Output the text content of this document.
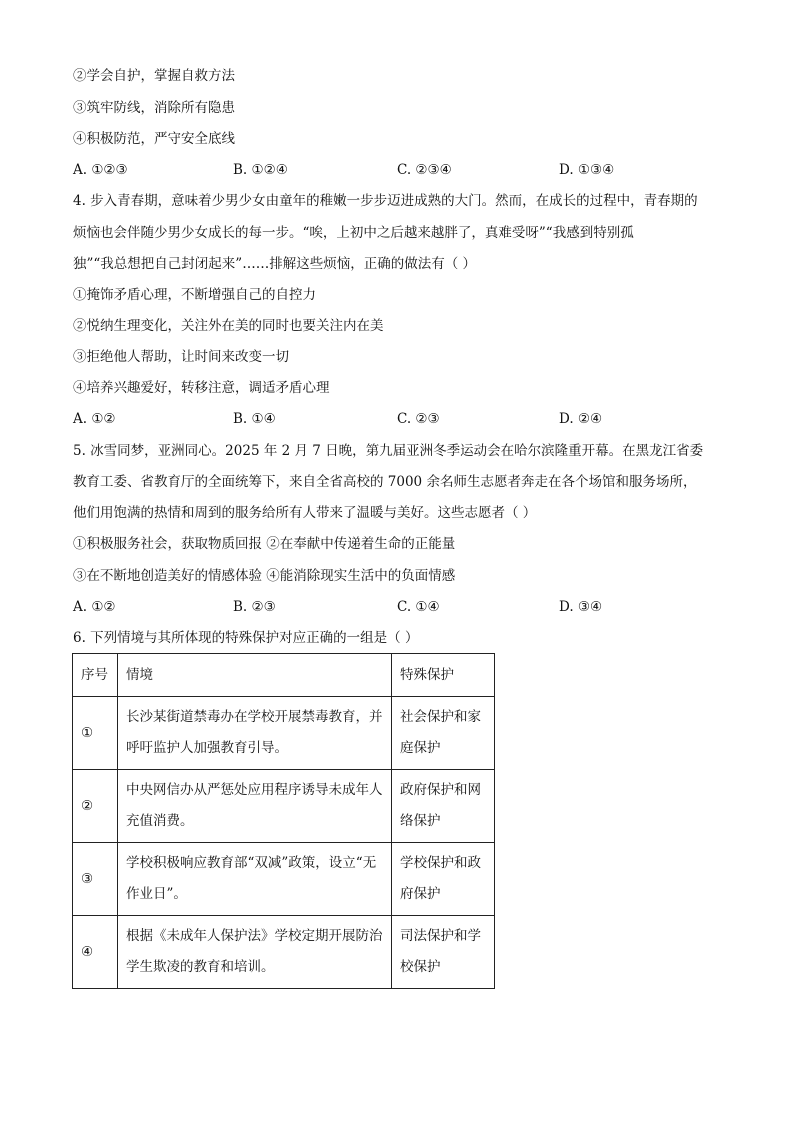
②学会自护，掌握自救方法
③筑牢防线，消除所有隐患
④积极防范，严守安全底线
A. ①②③	B. ①②④	C. ②③④	D. ①③④
4. 步入青春期，意味着少男少女由童年的稚嫩一步步迈进成熟的大门。然而，在成长的过程中，青春期的
烦恼也会伴随少男少女成长的每一步。“唉，上初中之后越来越胖了，真难受呀”“我感到特别孤
独”“我总想把自己封闭起来”……排解这些烦恼，正确的做法有（ ）
①掩饰矛盾心理，不断增强自己的自控力
②悦纳生理变化，关注外在美的同时也要关注内在美
③拒绝他人帮助，让时间来改变一切
④培养兴趣爱好，转移注意，调适矛盾心理
A. ①②	B. ①④	C. ②③	D. ②④
5. 冰雪同梦，亚洲同心。2025 年 2 月 7 日晚，第九届亚洲冬季运动会在哈尔滨隆重开幕。在黑龙江省委
教育工委、省教育厅的全面统筹下，来自全省高校的 7000 余名师生志愿者奔走在各个场馆和服务场所，
他们用饱满的热情和周到的服务给所有人带来了温暖与美好。这些志愿者（ ）
①积极服务社会，获取物质回报 ②在奉献中传递着生命的正能量
③在不断地创造美好的情感体验 ④能消除现实生活中的负面情感
A. ①②	B. ②③	C. ①④	D. ③④
6. 下列情境与其所体现的特殊保护对应正确的一组是（ ）
序号	情境	特殊保护
①	长沙某街道禁毒办在学校开展禁毒教育，并呼吁监护人加强教育引导。	社会保护和家庭保护

②	中央网信办从严惩处应用程序诱导未成年人充值消费。	政府保护和网络保护

③	学校积极响应教育部“双减”政策，设立“无作业日”。	学校保护和政府保护

④	根据《未成年人保护法》学校定期开展防治学生欺凌的教育和培训。	司法保护和学校保护
